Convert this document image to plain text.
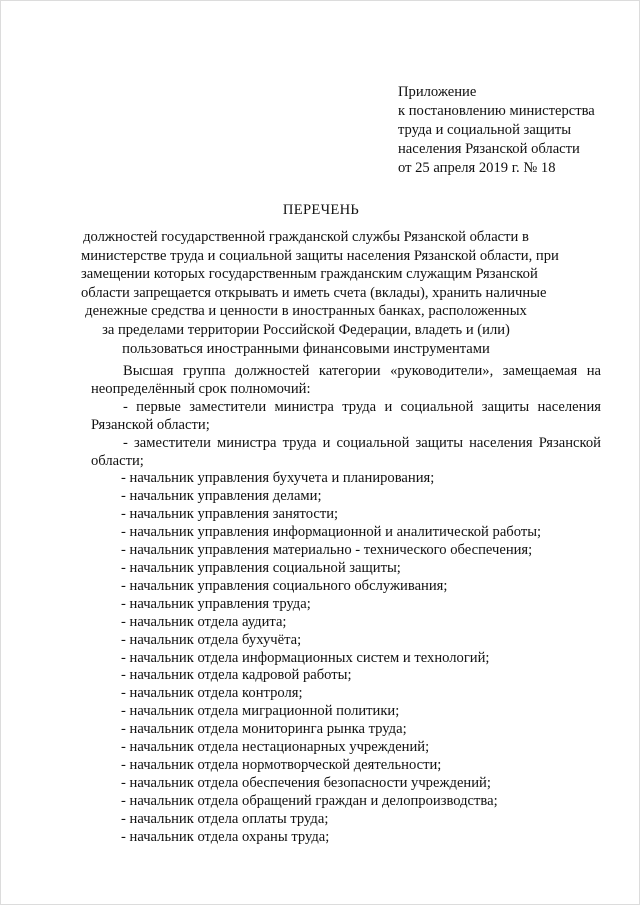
Приложение
к постановлению министерства
труда и социальной защиты
населения Рязанской области
от 25 апреля 2019 г. № 18
ПЕРЕЧЕНЬ
должностей государственной гражданской службы Рязанской области в
министерстве труда и социальной защиты населения Рязанской области, при
замещении которых государственным гражданским служащим Рязанской
области запрещается открывать и иметь счета (вклады), хранить наличные
денежные средства и ценности в иностранных банках, расположенных
за пределами территории Российской Федерации, владеть и (или)
пользоваться иностранными финансовыми инструментами
Высшая группа должностей категории «руководители», замещаемая на
неопределённый срок полномочий:
- первые заместители министра труда и социальной защиты населения
Рязанской области;
- заместители министра труда и социальной защиты населения Рязанской
области;
- начальник управления бухучета и планирования;
- начальник управления делами;
- начальник управления занятости;
- начальник управления информационной и аналитической работы;
- начальник управления материально - технического обеспечения;
- начальник управления социальной защиты;
- начальник управления социального обслуживания;
- начальник управления труда;
- начальник отдела аудита;
- начальник отдела бухучёта;
- начальник отдела информационных систем и технологий;
- начальник отдела кадровой работы;
- начальник отдела контроля;
- начальник отдела миграционной политики;
- начальник отдела мониторинга рынка труда;
- начальник отдела нестационарных учреждений;
- начальник отдела нормотворческой деятельности;
- начальник отдела обеспечения безопасности учреждений;
- начальник отдела обращений граждан и делопроизводства;
- начальник отдела оплаты труда;
- начальник отдела охраны труда;
